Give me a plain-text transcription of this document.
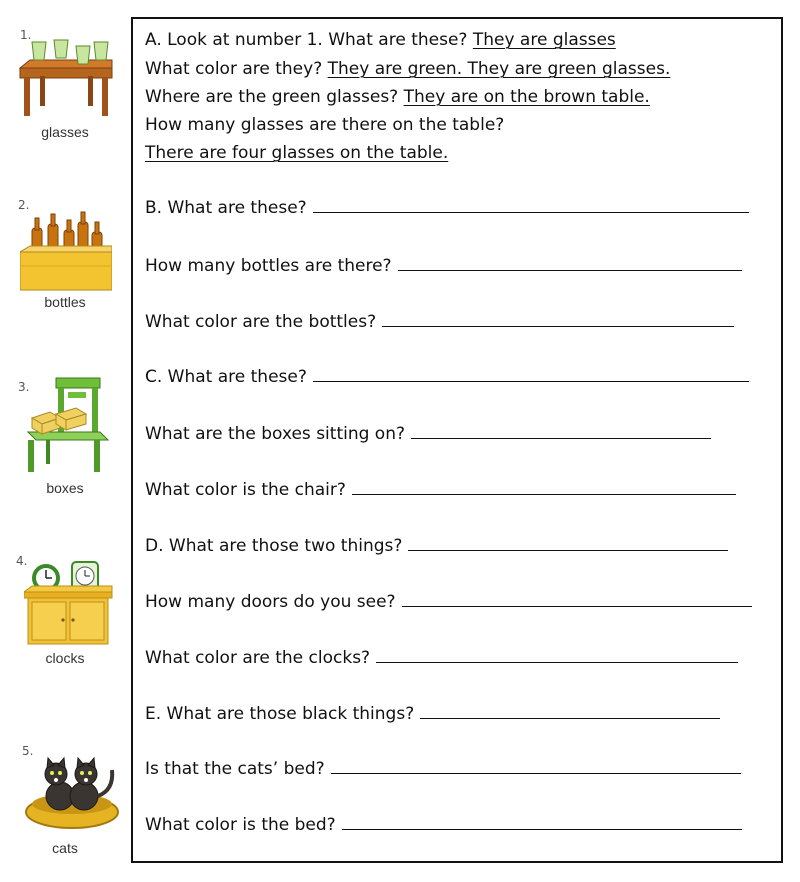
1.
glasses
2.
bottles
3.
boxes
4.
clocks
5.
cats
A. Look at number 1. What are these? They are glasses
What color are they? They are green. They are green glasses.
Where are the green glasses? They are on the brown table.
How many glasses are there on the table?
There are four glasses on the table.
B. What are these?
How many bottles are there?
What color are the bottles?
C. What are these?
What are the boxes sitting on?
What color is the chair?
D. What are those two things?
How many doors do you see?
What color are the clocks?
E. What are those black things?
Is that the cats’ bed?
What color is the bed?
